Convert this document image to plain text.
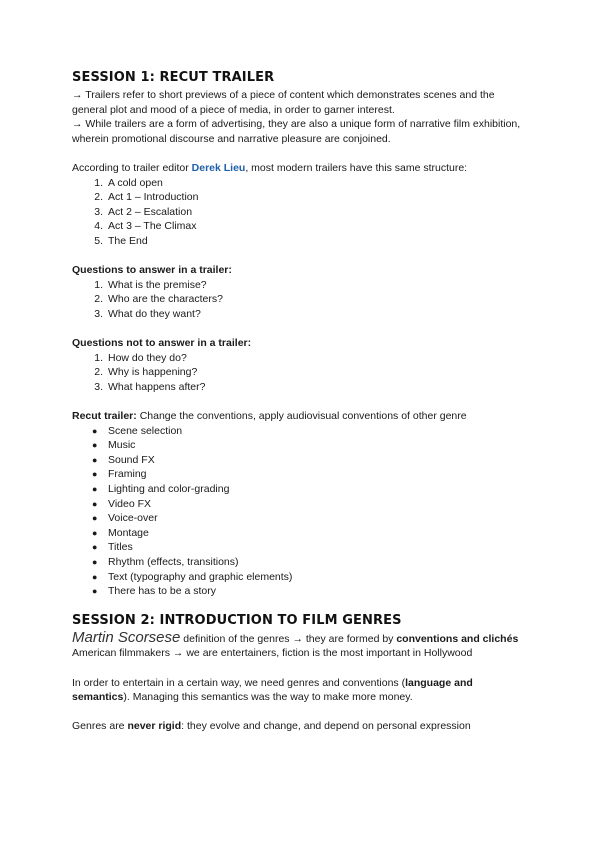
SESSION 1: RECUT TRAILER

→ Trailers refer to short previews of a piece of content which demonstrates scenes and the general plot and mood of a piece of media, in order to garner interest.

→ While trailers are a form of advertising, they are also a unique form of narrative film exhibition, wherein promotional discourse and narrative pleasure are conjoined.

According to trailer editor Derek Lieu, most modern trailers have this same structure:

1. A cold open
2. Act 1 – Introduction
3. Act 2 – Escalation
4. Act 3 – The Climax
5. The End

Questions to answer in a trailer:

1. What is the premise?
2. Who are the characters?
3. What do they want?

Questions not to answer in a trailer:

1. How do they do?
2. Why is happening?
3. What happens after?

Recut trailer: Change the conventions, apply audiovisual conventions of other genre

● Scene selection
● Music
● Sound FX
● Framing
● Lighting and color-grading
● Video FX
● Voice-over
● Montage
● Titles
● Rhythm (effects, transitions)
● Text (typography and graphic elements)
● There has to be a story
SESSION 2: INTRODUCTION TO FILM GENRES

Martin Scorsese definition of the genres → they are formed by conventions and clichés

American filmmakers → we are entertainers, fiction is the most important in Hollywood

In order to entertain in a certain way, we need genres and conventions (language and semantics). Managing this semantics was the way to make more money.

Genres are never rigid: they evolve and change, and depend on personal expression
